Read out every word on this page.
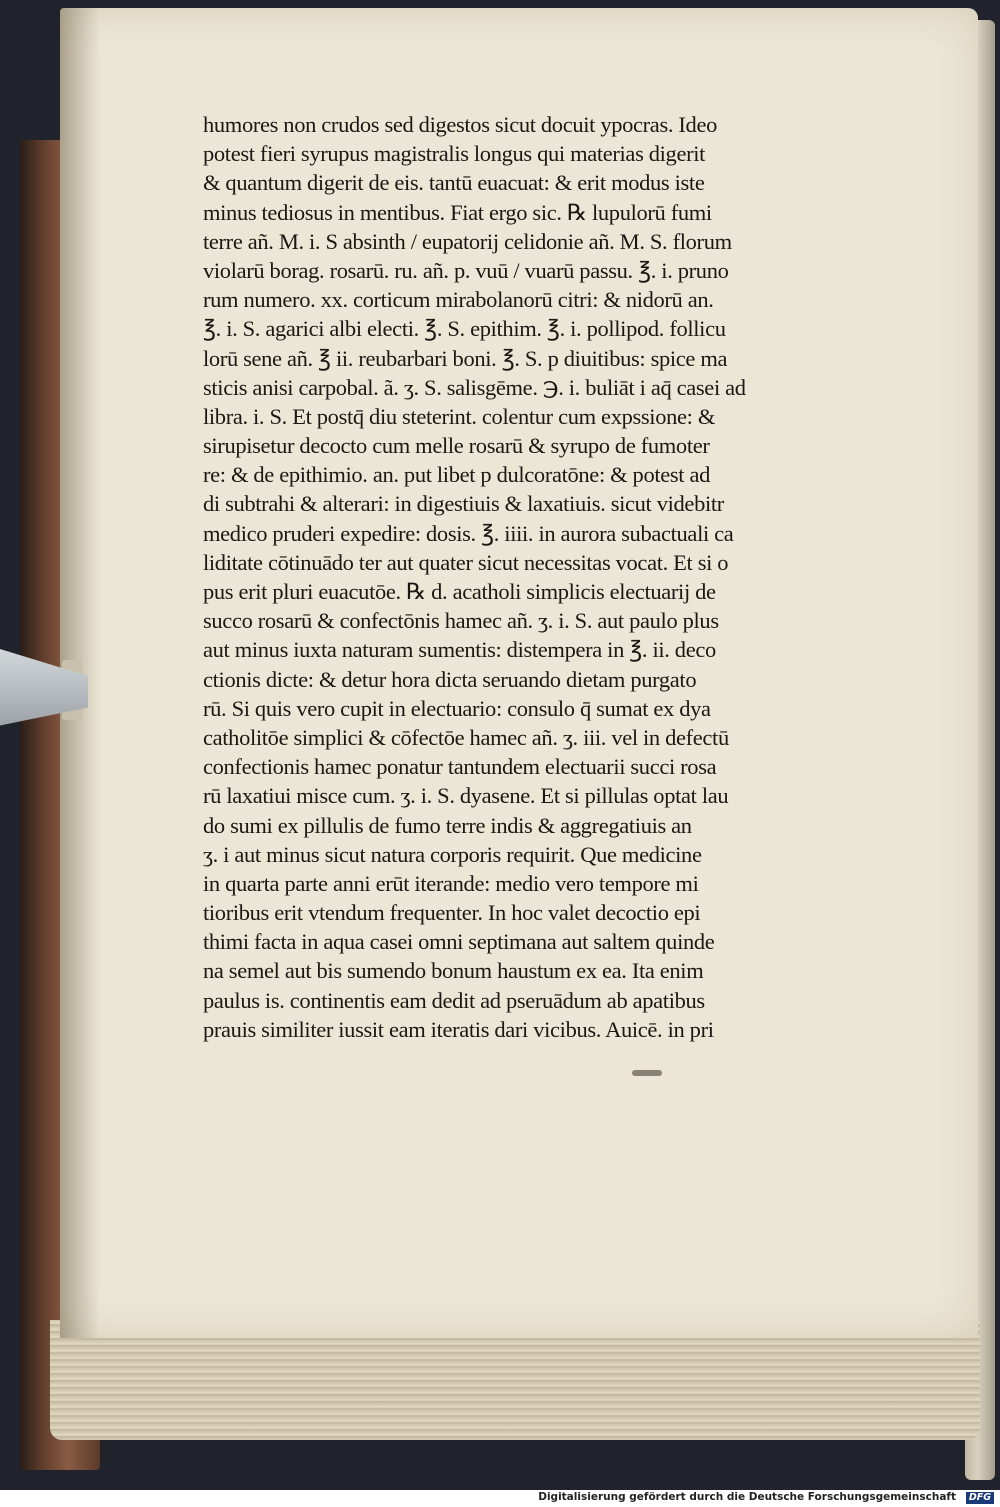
humores non crudos sed digestos sicut docuit ypocras. Ideo
potest fieri syrupus magistralis longus qui materias digerit
& quantum digerit de eis. tantū euacuat: & erit modus iste
minus tediosus in mentibus. Fiat ergo sic. ℞ lupulorū fumi
terre añ. M. i. S absinth / eupatorij celidonie añ. M. S. florum
violarū borag. rosarū. ru. añ. p. vuū / vuarū passu. ℥. i. pruno
rum numero. xx. corticum mirabolanorū citri: & nidorū an.
℥. i. S. agarici albi electi. ℥. S. epithim. ℥. i. pollipod. follicu
lorū sene añ. ℥ ii. reubarbari boni. ℥. S. p diuitibus: spice ma
sticis anisi carpobal. ã. ʒ. S. salisgēme. ℈. i. buliāt i aq̄ casei ad
libra. i. S. Et postq̄ diu steterint. colentur cum expssione: &
sirupisetur decocto cum melle rosarū & syrupo de fumoter
re: & de epithimio. an. put libet p dulcoratōne: & potest ad
di subtrahi & alterari: in digestiuis & laxatiuis. sicut videbitr
medico pruderi expedire: dosis. ℥. iiii. in aurora subactuali ca
liditate cōtinuādo ter aut quater sicut necessitas vocat. Et si o
pus erit pluri euacutōe. ℞ d. acatholi simplicis electuarij de
succo rosarū & confectōnis hamec añ. ʒ. i. S. aut paulo plus
aut minus iuxta naturam sumentis: distempera in ℥. ii. deco
ctionis dicte: & detur hora dicta seruando dietam purgato
rū. Si quis vero cupit in electuario: consulo q̄ sumat ex dya
catholitōe simplici & cōfectōe hamec añ. ʒ. iii. vel in defectū
confectionis hamec ponatur tantundem electuarii succi rosa
rū laxatiui misce cum. ʒ. i. S. dyasene. Et si pillulas optat lau
do sumi ex pillulis de fumo terre indis & aggregatiuis an
ʒ. i aut minus sicut natura corporis requirit. Que medicine
in quarta parte anni erūt iterande: medio vero tempore mi
tioribus erit vtendum frequenter. In hoc valet decoctio epi
thimi facta in aqua casei omni septimana aut saltem quinde
na semel aut bis sumendo bonum haustum ex ea. Ita enim
paulus is. continentis eam dedit ad pseruādum ab apatibus
prauis similiter iussit eam iteratis dari vicibus. Auicē. in pri
Digitalisierung gefördert durch die Deutsche Forschungsgemeinschaft	DFG
